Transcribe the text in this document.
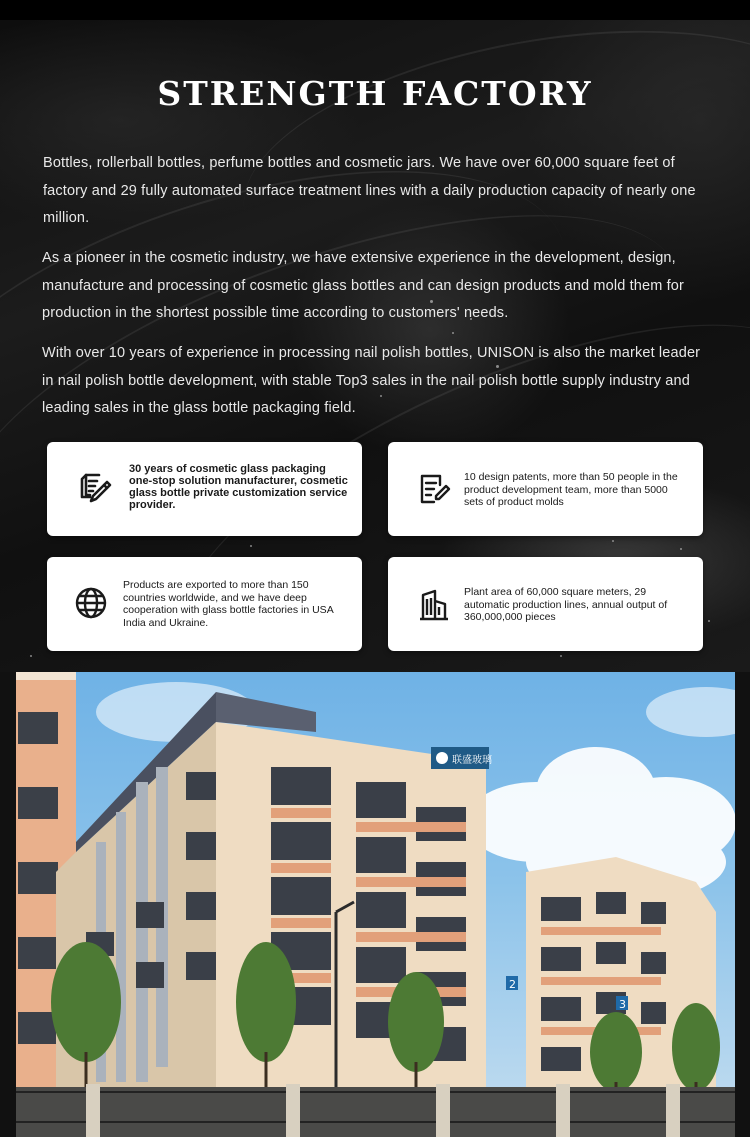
STRENGTH FACTORY

Bottles, rollerball bottles, perfume bottles and cosmetic jars. We have over 60,000 square feet of factory and 29 fully automated surface treatment lines with a daily production capacity of nearly one million.

As a pioneer in the cosmetic industry, we have extensive experience in the development, design, manufacture and processing of cosmetic glass bottles and can design products and mold them for production in the shortest possible time according to customers' needs.

With over 10 years of experience in processing nail polish bottles, UNISON is also the market leader in nail polish bottle development, with stable Top3 sales in the nail polish bottle supply industry and leading sales in the glass bottle packaging field.

30 years of cosmetic glass packaging one-stop solution manufacturer, cosmetic glass bottle private customization service provider.

10 design patents, more than 50 people in the product development team, more than 5000 sets of product molds

Products are exported to more than 150 countries worldwide, and we have deep cooperation with glass bottle factories in USA India and Ukraine.

Plant area of 60,000 square meters, 29 automatic production lines, annual output of 360,000,000 pieces

联盛玻璃
2
3
